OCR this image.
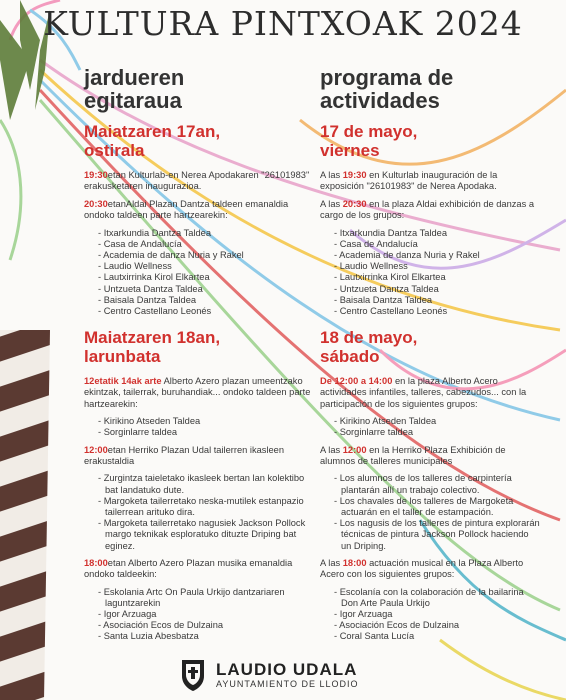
KULTURA PINTXOAK 2024
jardueren
egitaraua
Maiatzaren 17an,
ostirala

19:30etan Kulturlab-en Nerea Apodakaren "26101983" erakusketaren inaugurazioa.

20:30etanAldai Plazan Dantza taldeen emanaldia ondoko taldeen parte hartzearekin:

- Itxarkundia Dantza Taldea
- Casa de Andalucía
- Academia de danza Nuria y Rakel
- Laudio Wellness
- Lautxirrinka Kirol Elkartea
- Untzueta Dantza Taldea
- Baisala Dantza Taldea
- Centro Castellano Leonés
Maiatzaren 18an,
larunbata

12etatik 14ak arte Alberto Azero plazan umeentzako ekintzak, tailerrak, buruhandiak... ondoko taldeen parte hartzearekin:

- Kirikino Atseden Taldea
- Sorginlarre taldea

12:00etan Herriko Plazan Udal tailerren ikasleen erakustaldia

- Zurgintza taieletako ikasleek bertan lan kolektibo bat landatuko dute.
- Margoketa tailerretako neska-mutilek estanpazio tailerrean arituko dira.
- Margoketa tailerretako nagusiek Jackson Pollock margo teknikak esploratuko dituzte Driping bat eginez.

18:00etan Alberto Azero Plazan musika emanaldia ondoko taldeekin:

- Eskolania Artc On Paula Urkijo dantzariaren laguntzarekin
- Igor Arzuaga
- Asociación Ecos de Dulzaina
- Santa Luzia Abesbatza
programa de
actividades
17 de mayo,
viernes

A las 19:30 en Kulturlab inauguración de la exposición "26101983" de Nerea Apodaka.

A las 20:30 en la plaza Aldai exhibición de danzas a cargo de los grupos:

- Itxarkundia Dantza Taldea
- Casa de Andalucía
- Academia de danza Nuria y Rakel
- Laudio Wellness
- Lautxirrinka Kirol Elkartea
- Untzueta Dantza Taldea
- Baisala Dantza Taldea
- Centro Castellano Leonés
18 de mayo,
sábado

De 12:00 a 14:00 en la plaza Alberto Acero actividades infantiles, talleres, cabezudos... con la participación de los siguientes grupos:

- Kirikino Atseden Taldea
- Sorginlarre taldea

A las 12:00 en la Herriko Plaza Exhibición de alumnos de talleres municipales

- Los alumnos de los talleres de carpintería plantarán allí un trabajo colectivo.
- Los chavales de los talleres de Margoketa actuarán en el taller de estampación.
- Los nagusis de los talleres de pintura explorarán técnicas de pintura Jackson Pollock haciendo un Driping.

A las 18:00 actuación musical en la Plaza Alberto Acero con los siguientes grupos:

- Escolanía con la colaboración de la bailarina Don Arte Paula Urkijo
- Igor Arzuaga
- Asociación Ecos de Dulzaina
- Coral Santa Lucía
LAUDIO UDALA
AYUNTAMIENTO DE LLODIO
